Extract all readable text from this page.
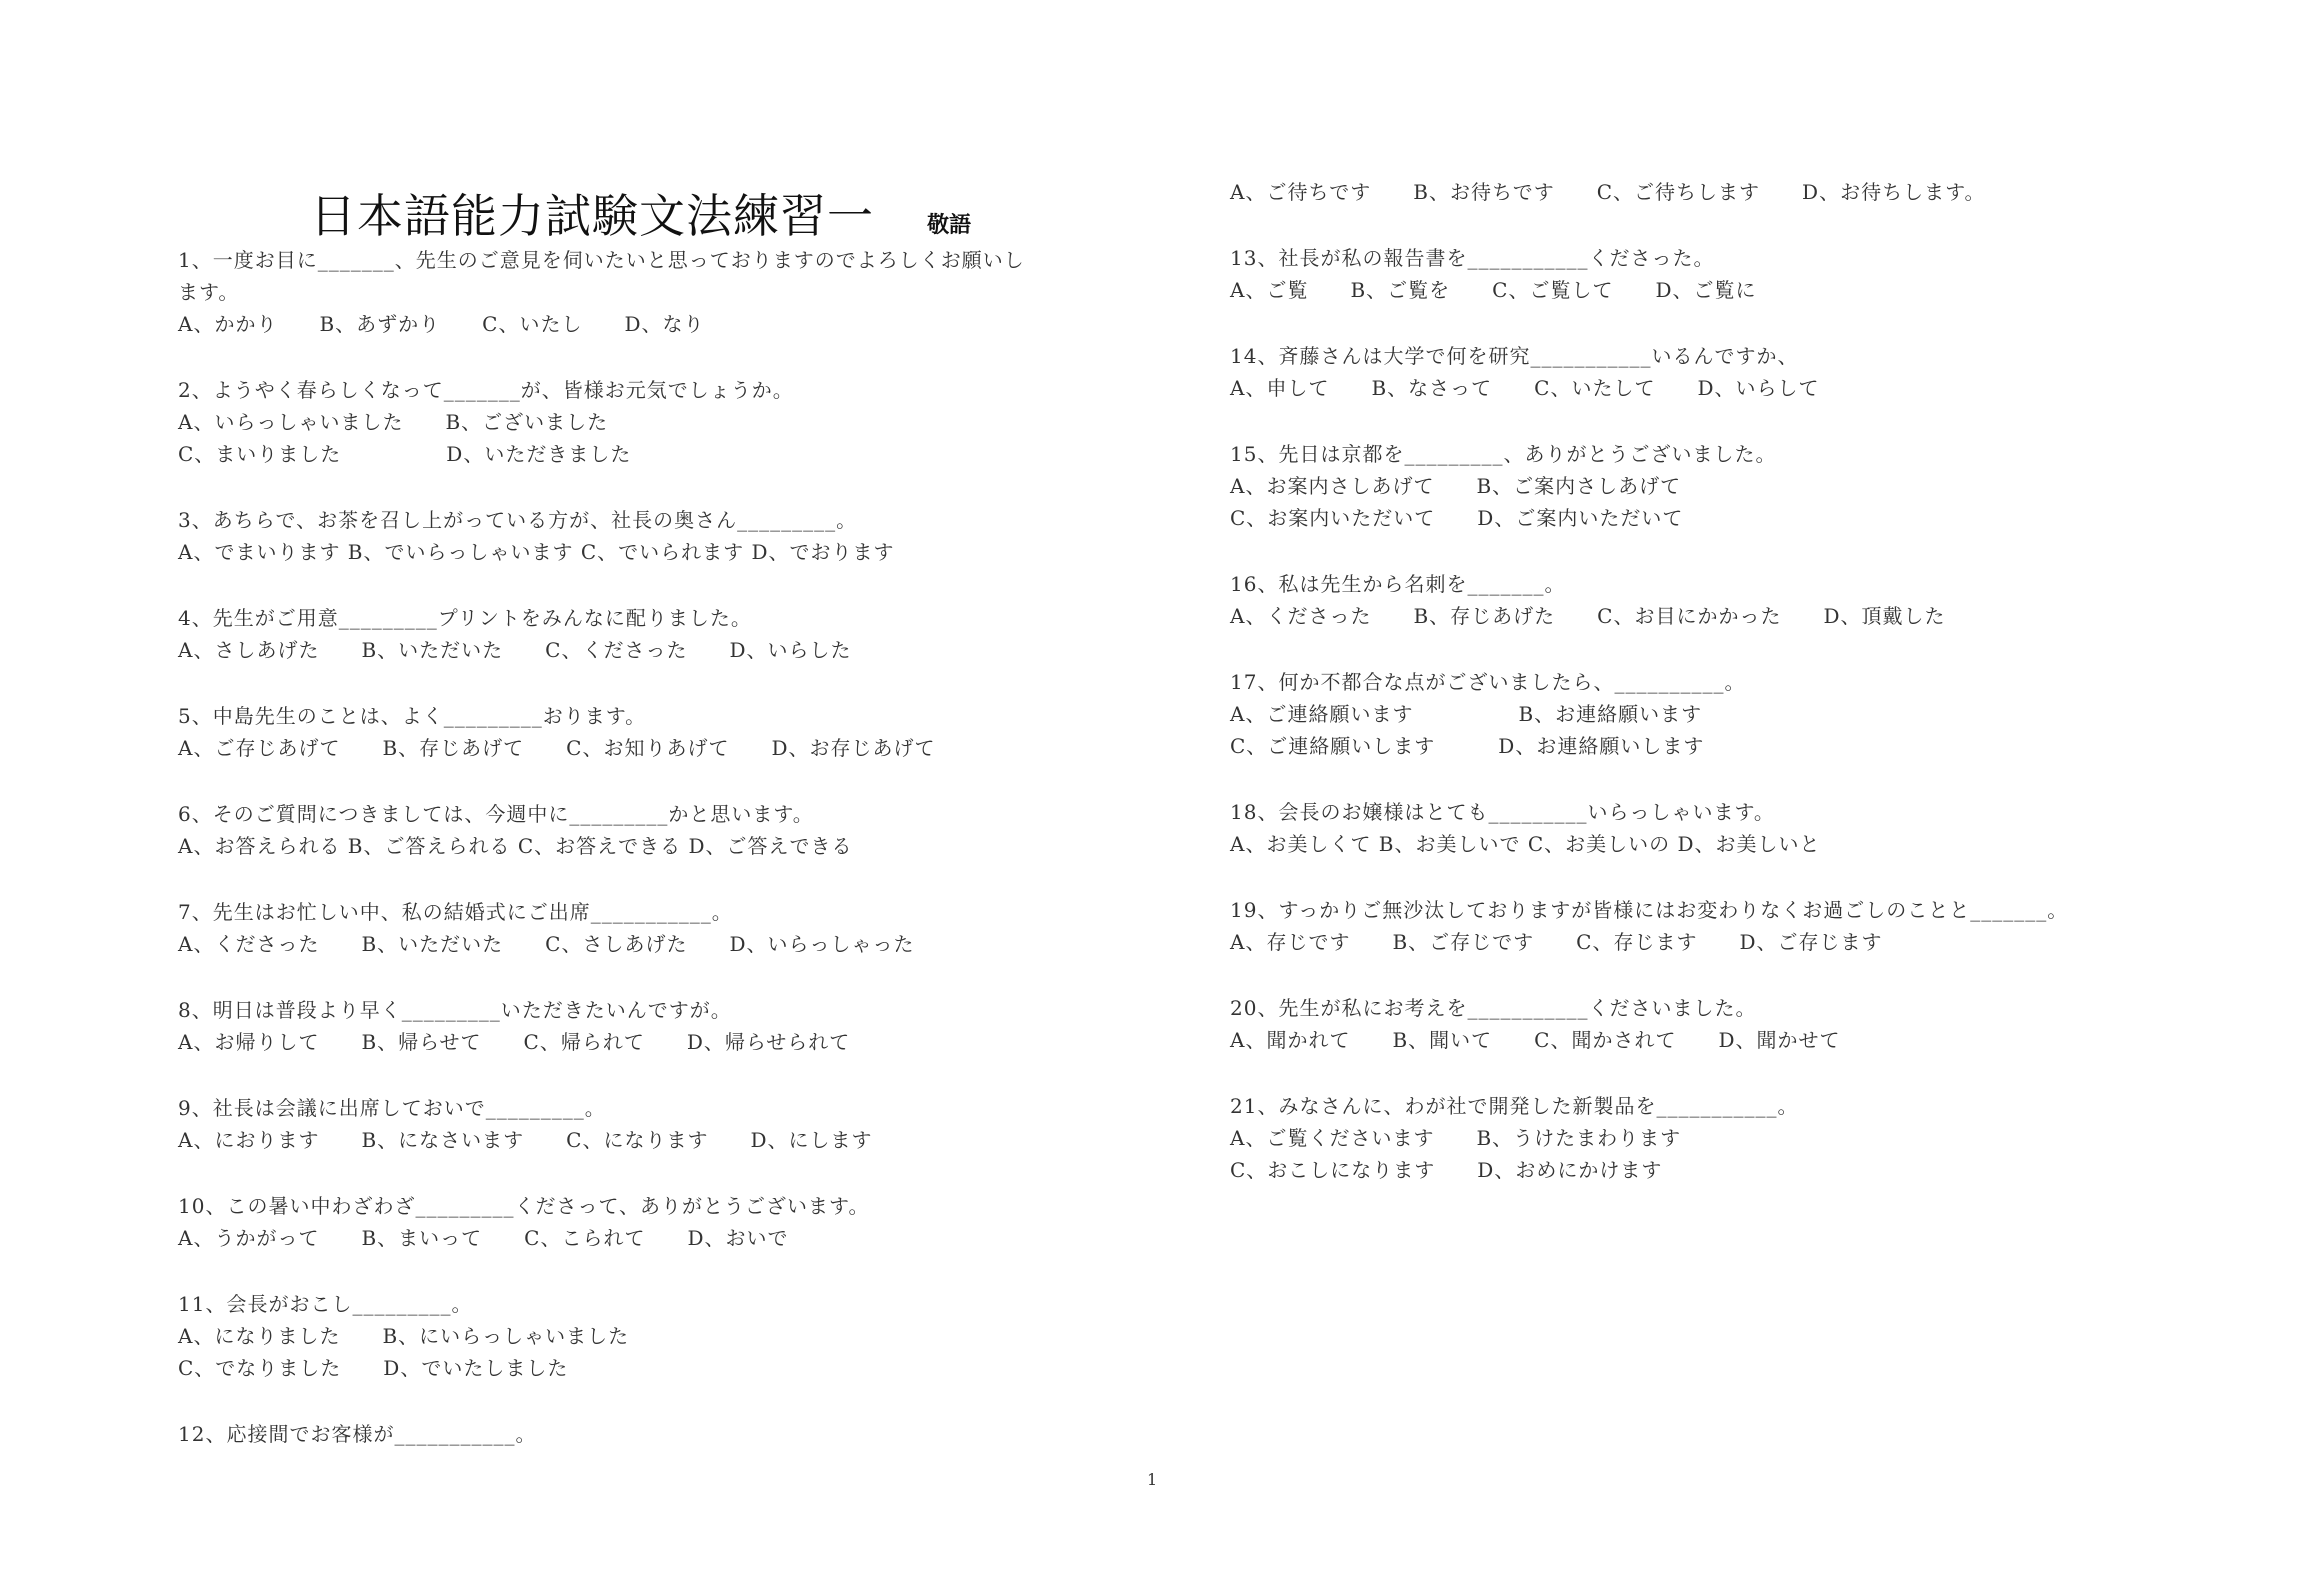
日本語能力試験文法練習一 敬語
1、一度お目に_______、先生のご意見を伺いたいと思っておりますのでよろしくお願いし
ます。
A、かかり　　B、あずかり　　C、いたし　　D、なり
2、ようやく春らしくなって_______が、皆様お元気でしょうか。
A、いらっしゃいました　　B、ございました
C、まいりました　　　　　D、いただきました
3、あちらで、お茶を召し上がっている方が、社長の奥さん_________。
A、でまいります B、でいらっしゃいます C、でいられます D、でおります
4、先生がご用意_________プリントをみんなに配りました。
A、さしあげた　　B、いただいた　　C、くださった　　D、いらした
5、中島先生のことは、よく_________おります。
A、ご存じあげて　　B、存じあげて　　C、お知りあげて　　D、お存じあげて
6、そのご質問につきましては、今週中に_________かと思います。
A、お答えられる B、ご答えられる C、お答えできる D、ご答えできる
7、先生はお忙しい中、私の結婚式にご出席___________。
A、くださった　　B、いただいた　　C、さしあげた　　D、いらっしゃった
8、明日は普段より早く_________いただきたいんですが。
A、お帰りして　　B、帰らせて　　C、帰られて　　D、帰らせられて
9、社長は会議に出席しておいで_________。
A、におります　　B、になさいます　　C、になります　　D、にします
10、この暑い中わざわざ_________くださって、ありがとうございます。
A、うかがって　　B、まいって　　C、こられて　　D、おいで
11、会長がおこし_________。
A、になりました　　B、にいらっしゃいました
C、でなりました　　D、でいたしました
12、応接間でお客様が___________。
A、ご待ちです　　B、お待ちです　　C、ご待ちします　　D、お待ちします。
13、社長が私の報告書を___________くださった。
A、ご覧　　B、ご覧を　　C、ご覧して　　D、ご覧に
14、斉藤さんは大学で何を研究___________いるんですか、
A、申して　　B、なさって　　C、いたして　　D、いらして
15、先日は京都を_________、ありがとうございました。
A、お案内さしあげて　　B、ご案内さしあげて
C、お案内いただいて　　D、ご案内いただいて
16、私は先生から名刺を_______。
A、くださった　　B、存じあげた　　C、お目にかかった　　D、頂戴した
17、何か不都合な点がございましたら、__________。
A、ご連絡願います　　　　　B、お連絡願います
C、ご連絡願いします　　　D、お連絡願いします
18、会長のお嬢様はとても_________いらっしゃいます。
A、お美しくて B、お美しいで C、お美しいの D、お美しいと
19、すっかりご無沙汰しておりますが皆様にはお変わりなくお過ごしのことと_______。
A、存じです　　B、ご存じです　　C、存じます　　D、ご存じます
20、先生が私にお考えを___________くださいました。
A、聞かれて　　B、聞いて　　C、聞かされて　　D、聞かせて
21、みなさんに、わが社で開発した新製品を___________。
A、ご覧くださいます　　B、うけたまわります
C、おこしになります　　D、おめにかけます
1
